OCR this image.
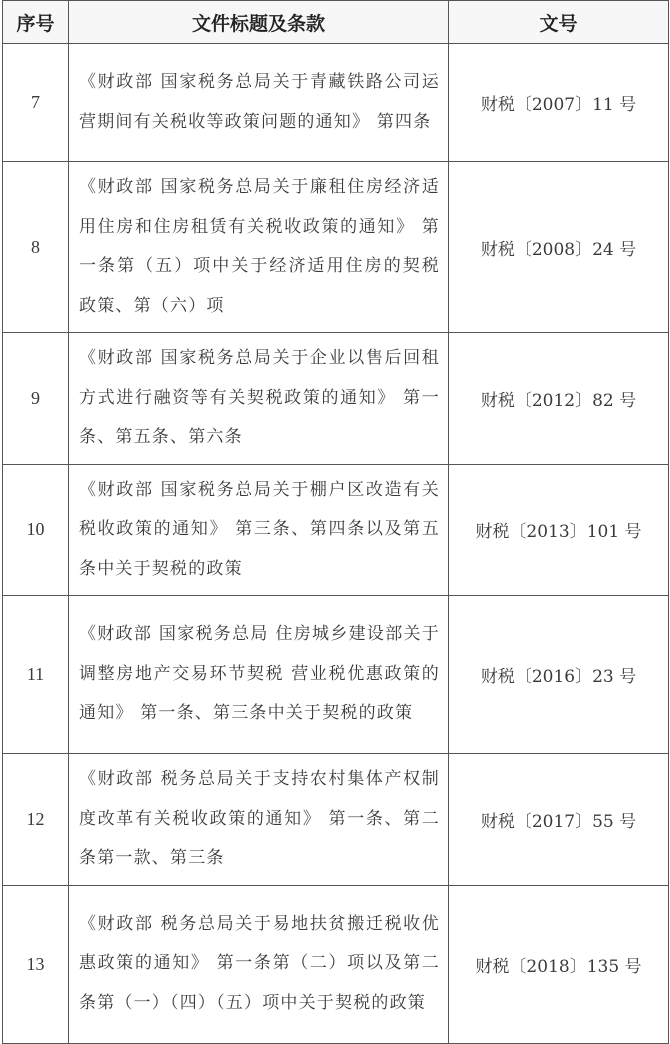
序号	文件标题及条款	文号
7	《财政部 国家税务总局关于青藏铁路公司运营期间有关税收等政策问题的通知》 第四条	财税〔2007〕11 号
8	《财政部 国家税务总局关于廉租住房经济适用住房和住房租赁有关税收政策的通知》 第一条第（五）项中关于经济适用住房的契税政策、第（六）项	财税〔2008〕24 号
9	《财政部 国家税务总局关于企业以售后回租方式进行融资等有关契税政策的通知》 第一条、第五条、第六条	财税〔2012〕82 号
10	《财政部 国家税务总局关于棚户区改造有关税收政策的通知》 第三条、第四条以及第五条中关于契税的政策	财税〔2013〕101 号
11	《财政部 国家税务总局 住房城乡建设部关于调整房地产交易环节契税 营业税优惠政策的通知》 第一条、第三条中关于契税的政策	财税〔2016〕23 号
12	《财政部 税务总局关于支持农村集体产权制度改革有关税收政策的通知》 第一条、第二条第一款、第三条	财税〔2017〕55 号
13	《财政部 税务总局关于易地扶贫搬迁税收优惠政策的通知》 第一条第（二）项以及第二条第（一）（四）（五）项中关于契税的政策	财税〔2018〕135 号
